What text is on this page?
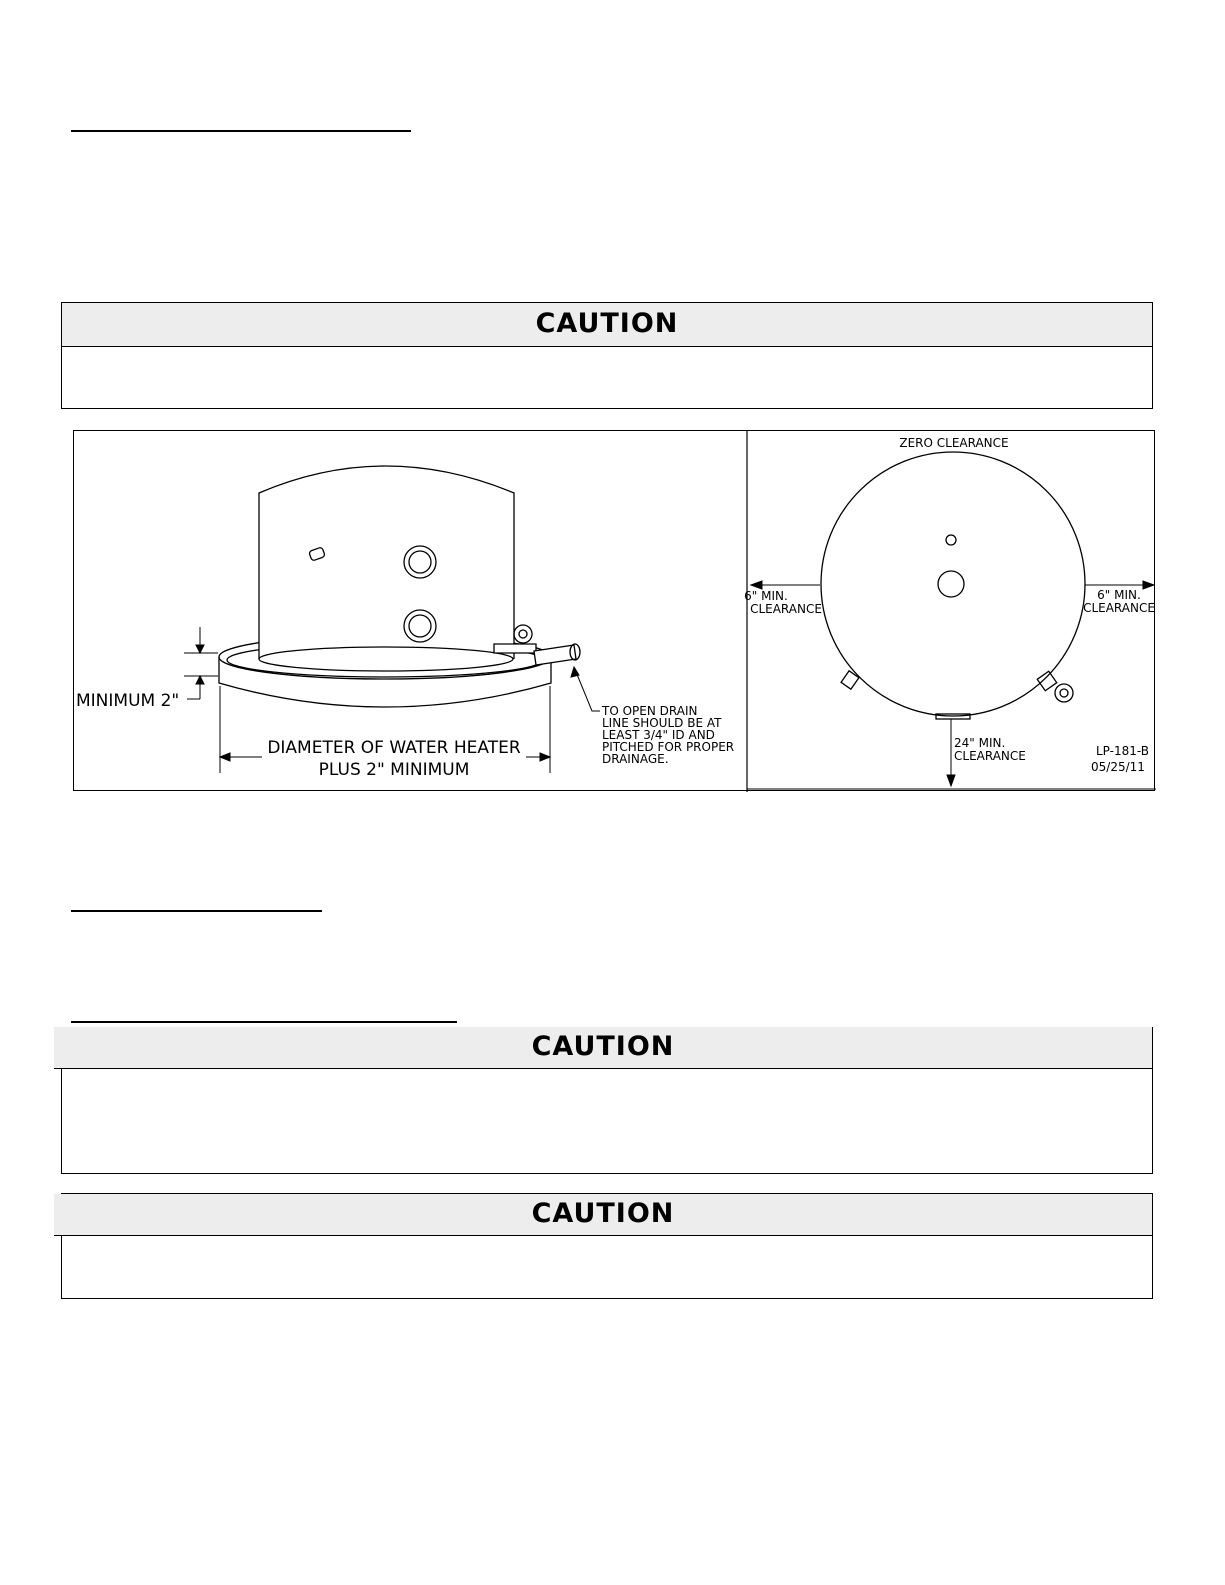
CAUTION
MINIMUM 2"
DIAMETER OF WATER HEATER
PLUS 2" MINIMUM
TO OPEN DRAIN
LINE SHOULD BE AT
LEAST 3/4" ID AND
PITCHED FOR PROPER
DRAINAGE.
ZERO CLEARANCE
6" MIN.
CLEARANCE
6" MIN.
CLEARANCE
24" MIN.
CLEARANCE	LP-181-B
05/25/11
CAUTION
CAUTION
